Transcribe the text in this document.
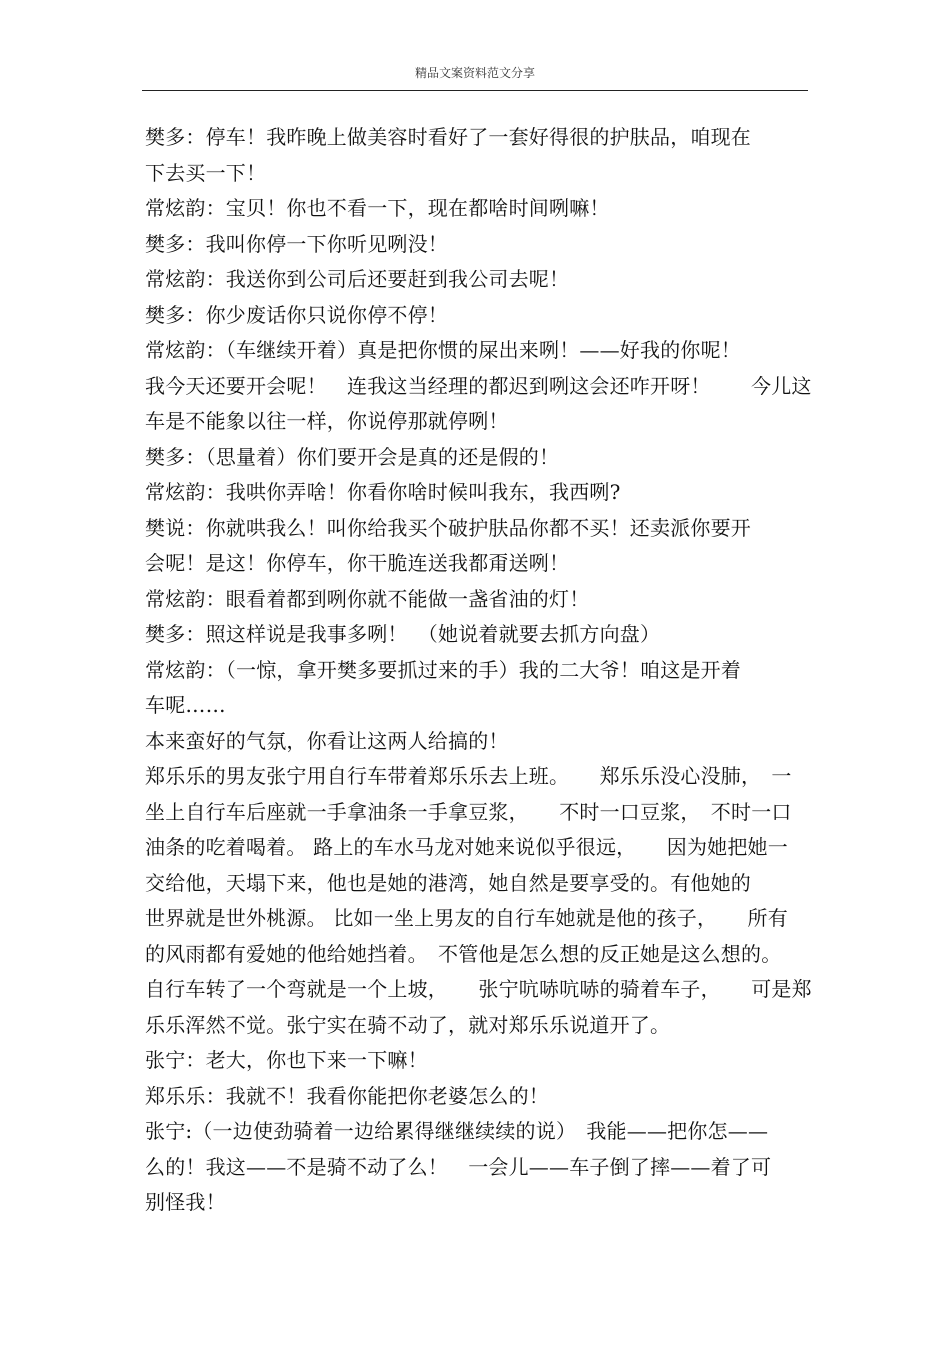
精品文案资料范文分享
樊多：停车！我昨晚上做美容时看好了一套好得很的护肤品，咱现在
下去买一下！
常炫韵：宝贝！你也不看一下，现在都啥时间咧嘛！
樊多：我叫你停一下你听见咧没！
常炫韵：我送你到公司后还要赶到我公司去呢！
樊多：你少废话你只说你停不停！
常炫韵：（车继续开着）真是把你惯的屎出来咧！——好我的你呢！
我今天还要开会呢！　连我这当经理的都迟到咧这会还咋开呀！　　今儿这
车是不能象以往一样，你说停那就停咧！
樊多：（思量着）你们要开会是真的还是假的！
常炫韵：我哄你弄啥！你看你啥时候叫我东，我西咧?
樊说：你就哄我么！叫你给我买个破护肤品你都不买！还卖派你要开
会呢！是这！你停车，你干脆连送我都甭送咧！
常炫韵：眼看着都到咧你就不能做一盏省油的灯！
樊多：照这样说是我事多咧！　（她说着就要去抓方向盘）
常炫韵：（一惊，拿开樊多要抓过来的手）我的二大爷！咱这是开着
车呢……
本来蛮好的气氛，你看让这两人给搞的！
郑乐乐的男友张宁用自行车带着郑乐乐去上班。　　郑乐乐没心没肺，　一
坐上自行车后座就一手拿油条一手拿豆浆，　　不时一口豆浆，　不时一口
油条的吃着喝着。 路上的车水马龙对她来说似乎很远，　　因为她把她一
交给他，天塌下来，他也是她的港湾，她自然是要享受的。有他她的
世界就是世外桃源。 比如一坐上男友的自行车她就是他的孩子，　　所有
的风雨都有爱她的他给她挡着。　不管他是怎么想的反正她是这么想的。
自行车转了一个弯就是一个上坡，　　张宁吭哧吭哧的骑着车子，　　可是郑
乐乐浑然不觉。张宁实在骑不动了，就对郑乐乐说道开了。
张宁：老大，你也下来一下嘛！
郑乐乐：我就不！我看你能把你老婆怎么的！
张宁:（一边使劲骑着一边给累得继继续续的说）　我能——把你怎——
么的！我这——不是骑不动了么！　一会儿——车子倒了摔——着了可
别怪我！
